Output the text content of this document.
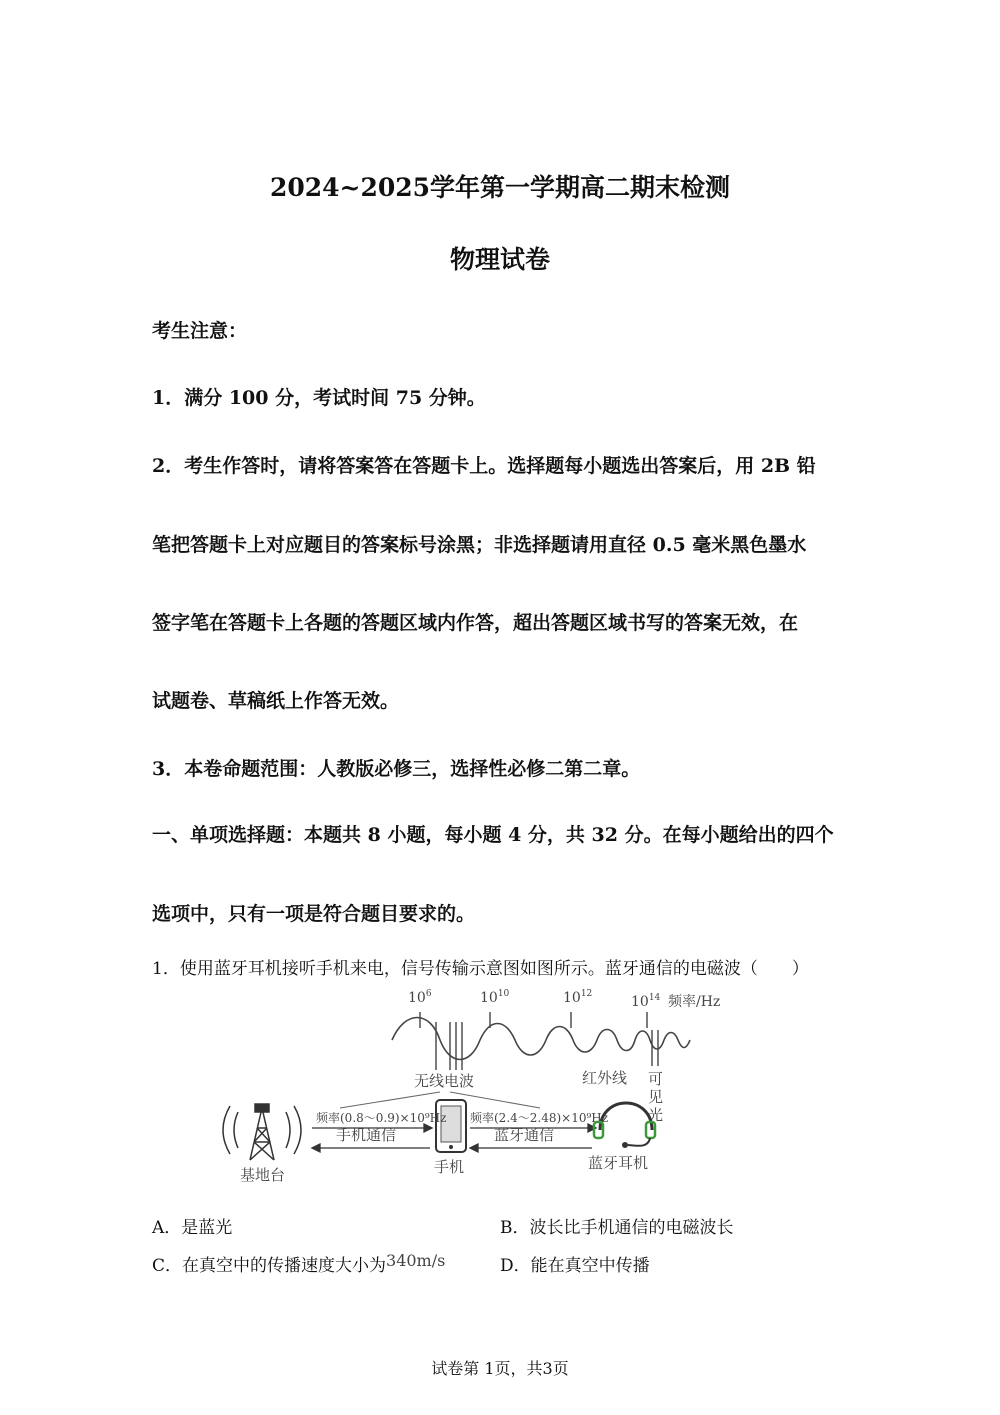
2024~2025学年第一学期高二期末检测
物理试卷
考生注意：
1．满分 100 分，考试时间 75 分钟。
2．考生作答时，请将答案答在答题卡上。选择题每小题选出答案后，用 2B 铅
笔把答题卡上对应题目的答案标号涂黑；非选择题请用直径 0.5 毫米黑色墨水
签字笔在答题卡上各题的答题区域内作答，超出答题区域书写的答案无效，在
试题卷、草稿纸上作答无效。
3．本卷命题范围：人教版必修三，选择性必修二第二章。
一、单项选择题：本题共 8 小题，每小题 4 分，共 32 分。在每小题给出的四个
选项中，只有一项是符合题目要求的。
1．使用蓝牙耳机接听手机来电，信号传输示意图如图所示。蓝牙通信的电磁波（　　）
$10^6$	$10^{10}$	$10^{12}$	$10^{14}$ 频率/Hz
无线电波	红外线 可
见
光
基地台	手机
频率(0.8～0.9)×10⁹Hz
手机通信
频率(2.4～2.48)×10⁹Hz
蓝牙通信
蓝牙耳机
A．是蓝光	B．波长比手机通信的电磁波长
C．在真空中的传播速度大小为340m/s	D．能在真空中传播
试卷第 1页，共3页
